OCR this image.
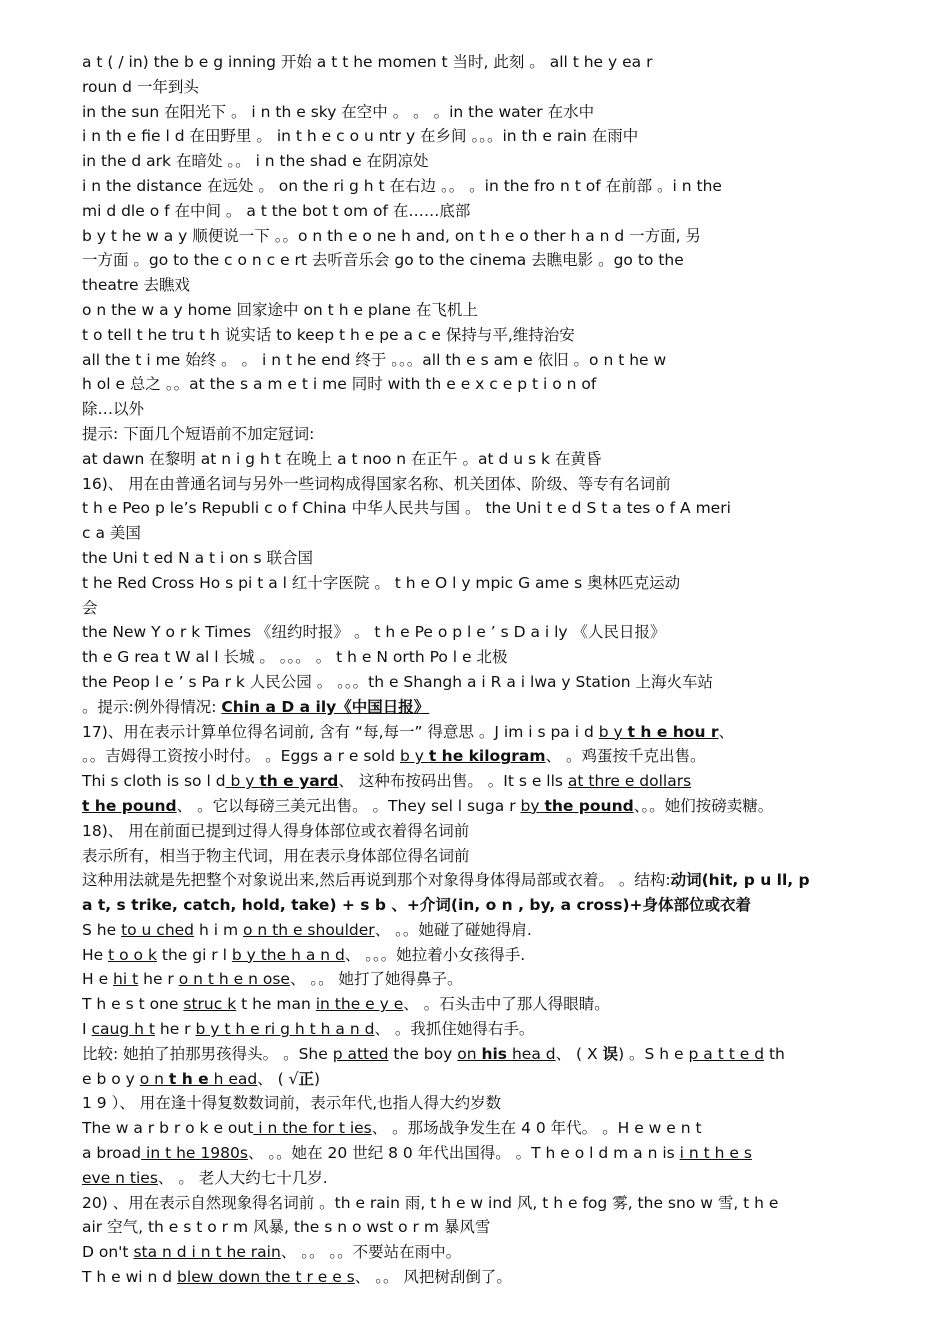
a t ( / in) the b e g inning 开始 a t t he momen t 当时, 此刻 。 all t he y ea r
roun d 一年到头
in the sun 在阳光下 。 i n th e sky 在空中 。 。 。in the water 在水中
i n th e fie l d 在田野里 。 in t h e c o u ntr y 在乡间 。。。in th e rain 在雨中
in the d ark 在暗处 。。 i n the shad e 在阴凉处
i n the distance 在远处 。 on the ri g h t 在右边 。。 。in the fro n t of 在前部 。i n the
mi d dle o f 在中间 。 a t the bot t om of 在……底部
b y t he w a y 顺便说一下 。。o n th e o ne h and, on t h e o ther h a n d 一方面, 另
一方面 。go to the c o n c e rt 去听音乐会 go to the cinema 去瞧电影 。go to the
theatre 去瞧戏
o n the w a y home 回家途中 on t h e plane 在飞机上
t o tell t he tru t h 说实话 to keep t h e pe a c e 保持与平,维持治安
all the t i me 始终 。 。 i n t he end 终于 。。。all th e s am e 依旧 。o n t he w
h ol e 总之 。。at the s a m e t i me 同时 with th e e x c e p t i o n of
除…以外
提示: 下面几个短语前不加定冠词:
at dawn 在黎明 at n i g h t 在晚上 a t noo n 在正午 。at d u s k 在黄昏
16)、 用在由普通名词与另外一些词构成得国家名称、机关团体、阶级、等专有名词前
t h e Peo p le’s Republi c o f China 中华人民共与国 。 the Uni t e d S t a tes o f A meri
c a 美国
the Uni t ed N a t i on s 联合国
t he Red Cross Ho s pi t a l 红十字医院 。 t h e O l y mpic G ame s 奥林匹克运动
会
the New Y o r k Times 《纽约时报》 。 t h e Pe o p l e ’ s D a i ly 《人民日报》
th e G rea t W al l 长城 。 。。。 。 t h e N orth Po l e 北极
the Peop l e ’ s Pa r k 人民公园 。 。。。th e Shangh a i R a i lwa y Station 上海火车站
。提示:例外得情况: Chin a D a ily《中国日报》
17)、用在表示计算单位得名词前, 含有 “每,每一” 得意思 。J im i s pa i d b y t h e hou r、
。。吉姆得工资按小时付。 。Eggs a r e sold b y t he kilogram、 。鸡蛋按千克出售。
Thi s cloth is so l d b y th e yard、 这种布按码出售。 。It s e lls at thre e dollars
t he pound、 。它以每磅三美元出售。 。They sel l suga r by the pound、。。她们按磅卖糖。
18)、 用在前面已提到过得人得身体部位或衣着得名词前
表示所有，相当于物主代词，用在表示身体部位得名词前
这种用法就是先把整个对象说出来,然后再说到那个对象得身体得局部或衣着。 。结构:动词(hit, p u ll, p
a t, s trike, catch, hold, take) + s b 、+介词(in, o n , by, a cross)+身体部位或衣着
S he to u ched h i m o n th e shoulder、 。。她碰了碰她得肩.
He t o o k the gi r l b y the h a n d、 。。。她拉着小女孩得手.
H e hi t he r o n t h e n ose、 。。 她打了她得鼻子。
T h e s t one struc k t he man in the e y e、 。石头击中了那人得眼睛。
I caug h t he r b y t h e ri g h t h a n d、 。我抓住她得右手。
比较: 她拍了拍那男孩得头。 。She p atted the boy on his hea d、 ( X 误) 。S h e p a t t e d th
e b o y o n t h e h ead、 ( √正)
1 9 ）、 用在逢十得复数数词前，表示年代,也指人得大约岁数
The w a r b r o k e out i n the for t ies、 。那场战争发生在 4 0 年代。 。H e w e n t
a broad in t he 1980s、 。。她在 20 世纪 8 0 年代出国得。 。T h e o l d m a n is i n t h e s
eve n ties、 。 老人大约七十几岁.
20) 、用在表示自然现象得名词前 。th e rain 雨, t h e w ind 风, t h e fog 雾, the sno w 雪, t h e
air 空气, th e s t o r m 风暴, the s n o wst o r m 暴风雪
D on't sta n d i n t he rain、 。。 。。不要站在雨中。
T h e wi n d blew down the t r e e s、 。。 风把树刮倒了。
